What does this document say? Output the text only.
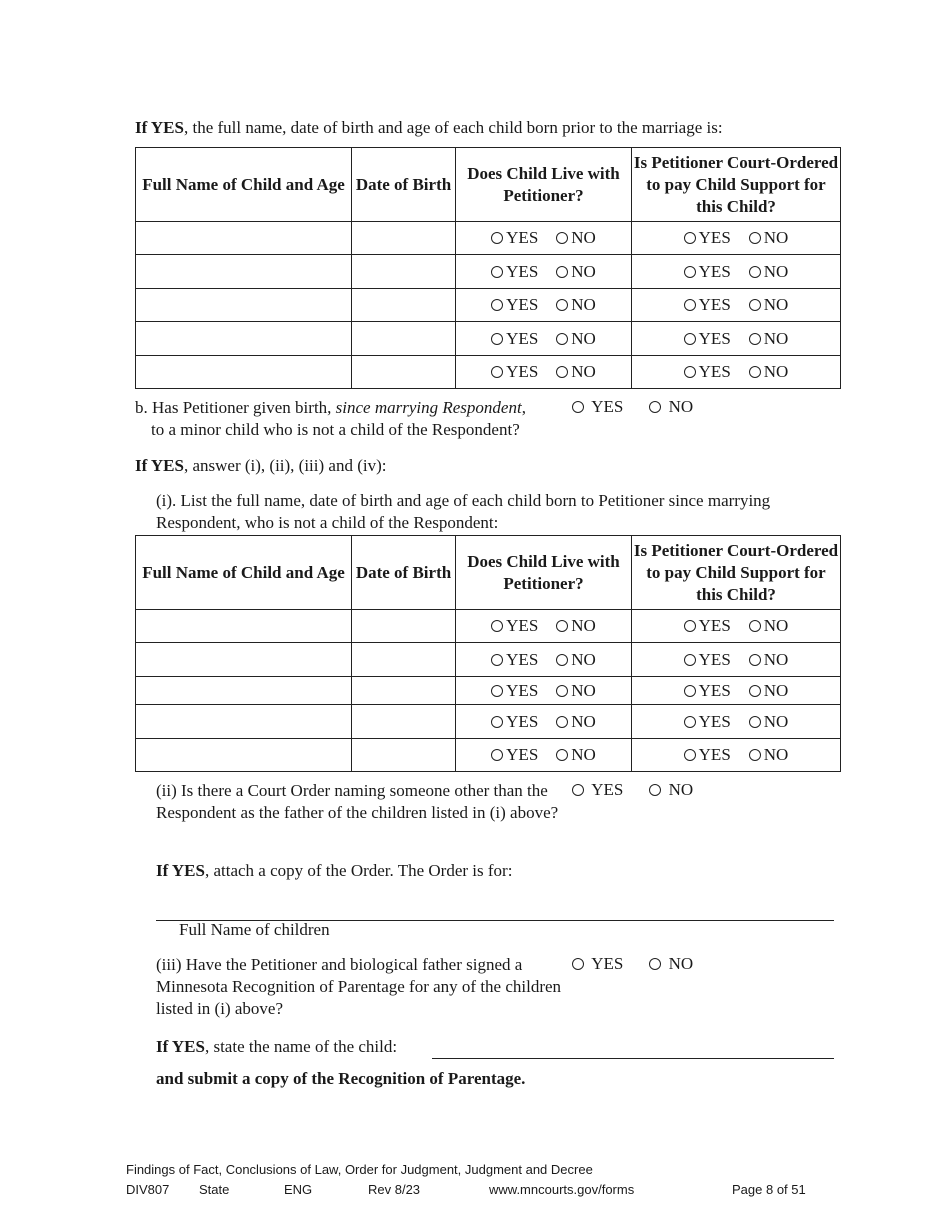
If YES, the full name, date of birth and age of each child born prior to the marriage is:
Full Name of Child and Age	Date of Birth	Does Child Live with Petitioner?	Is Petitioner Court-Ordered to pay Child Support for this Child?

		YES NO	YES NO

		YES NO	YES NO

		YES NO	YES NO

		YES NO	YES NO

		YES NO	YES NO
b. Has Petitioner given birth, since marrying Respondent,
to a minor child who is not a child of the Respondent?

YES
	NO
If YES, answer (i), (ii), (iii) and (iv):
(i). List the full name, date of birth and age of each child born to Petitioner since marrying Respondent, who is not a child of the Respondent:
Full Name of Child and Age	Date of Birth	Does Child Live with Petitioner?	Is Petitioner Court-Ordered to pay Child Support for this Child?

		YES NO	YES NO

		YES NO	YES NO

		YES NO	YES NO

		YES NO	YES NO

		YES NO	YES NO
(ii) Is there a Court Order naming someone other than the Respondent as the father of the children listed in (i) above?

YES
	NO
If YES, attach a copy of the Order. The Order is for:
Full Name of children
(iii) Have the Petitioner and biological father signed a Minnesota Recognition of Parentage for any of the children listed in (i) above?

YES
	NO
If YES, state the name of the child:
and submit a copy of the Recognition of Parentage.
Findings of Fact, Conclusions of Law, Order for Judgment, Judgment and Decree
DIV807 State	ENG	Rev 8/23	www.mncourts.gov/forms	Page 8 of 51
